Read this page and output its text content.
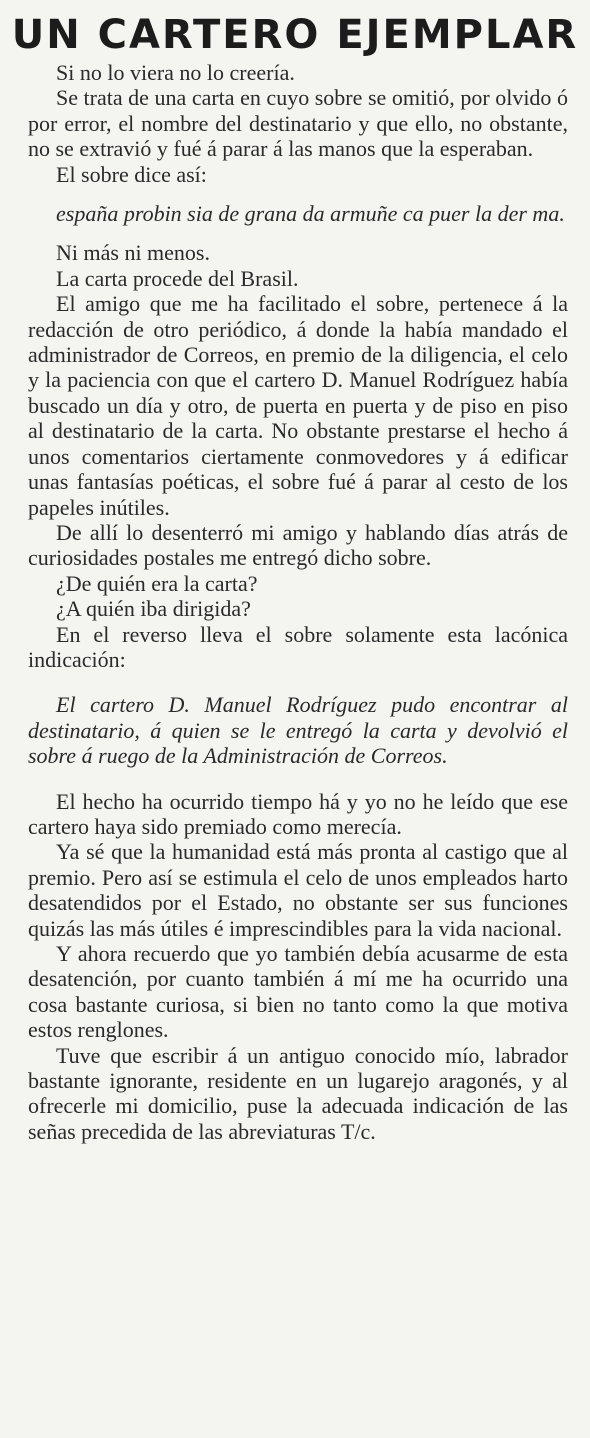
UN CARTERO EJEMPLAR

Si no lo viera no lo creería.

Se trata de una carta en cuyo sobre se omitió, por olvido ó por error, el nombre del destinatario y que ello, no obstante, no se extravió y fué á parar á las manos que la esperaban.

El sobre dice así:

españa probin sia de grana da armuñe ca puer la der ma.

Ni más ni menos.

La carta procede del Brasil.

El amigo que me ha facilitado el sobre, pertenece á la redacción de otro periódico, á donde la había mandado el administrador de Correos, en premio de la diligencia, el celo y la paciencia con que el cartero D. Manuel Rodríguez había buscado un día y otro, de puerta en puerta y de piso en piso al destinatario de la carta. No obstante prestarse el hecho á unos comentarios ciertamente conmovedores y á edificar unas fantasías poéticas, el sobre fué á parar al cesto de los papeles inútiles.

De allí lo desenterró mi amigo y hablando días atrás de curiosidades postales me entregó dicho sobre.

¿De quién era la carta?

¿A quién iba dirigida?

En el reverso lleva el sobre solamente esta lacónica indicación:

El cartero D. Manuel Rodríguez pudo encontrar al destinatario, á quien se le entregó la carta y devolvió el sobre á ruego de la Administración de Correos.

El hecho ha ocurrido tiempo há y yo no he leído que ese cartero haya sido premiado como merecía.

Ya sé que la humanidad está más pronta al castigo que al premio. Pero así se estimula el celo de unos empleados harto desatendidos por el Estado, no obstante ser sus funciones quizás las más útiles é imprescindibles para la vida nacional.

Y ahora recuerdo que yo también debía acusarme de esta desatención, por cuanto también á mí me ha ocurrido una cosa bastante curiosa, si bien no tanto como la que motiva estos renglones.

Tuve que escribir á un antiguo conocido mío, labrador bastante ignorante, residente en un lugarejo aragonés, y al ofrecerle mi domicilio, puse la adecuada indicación de las señas precedida de las abreviaturas T/c.
